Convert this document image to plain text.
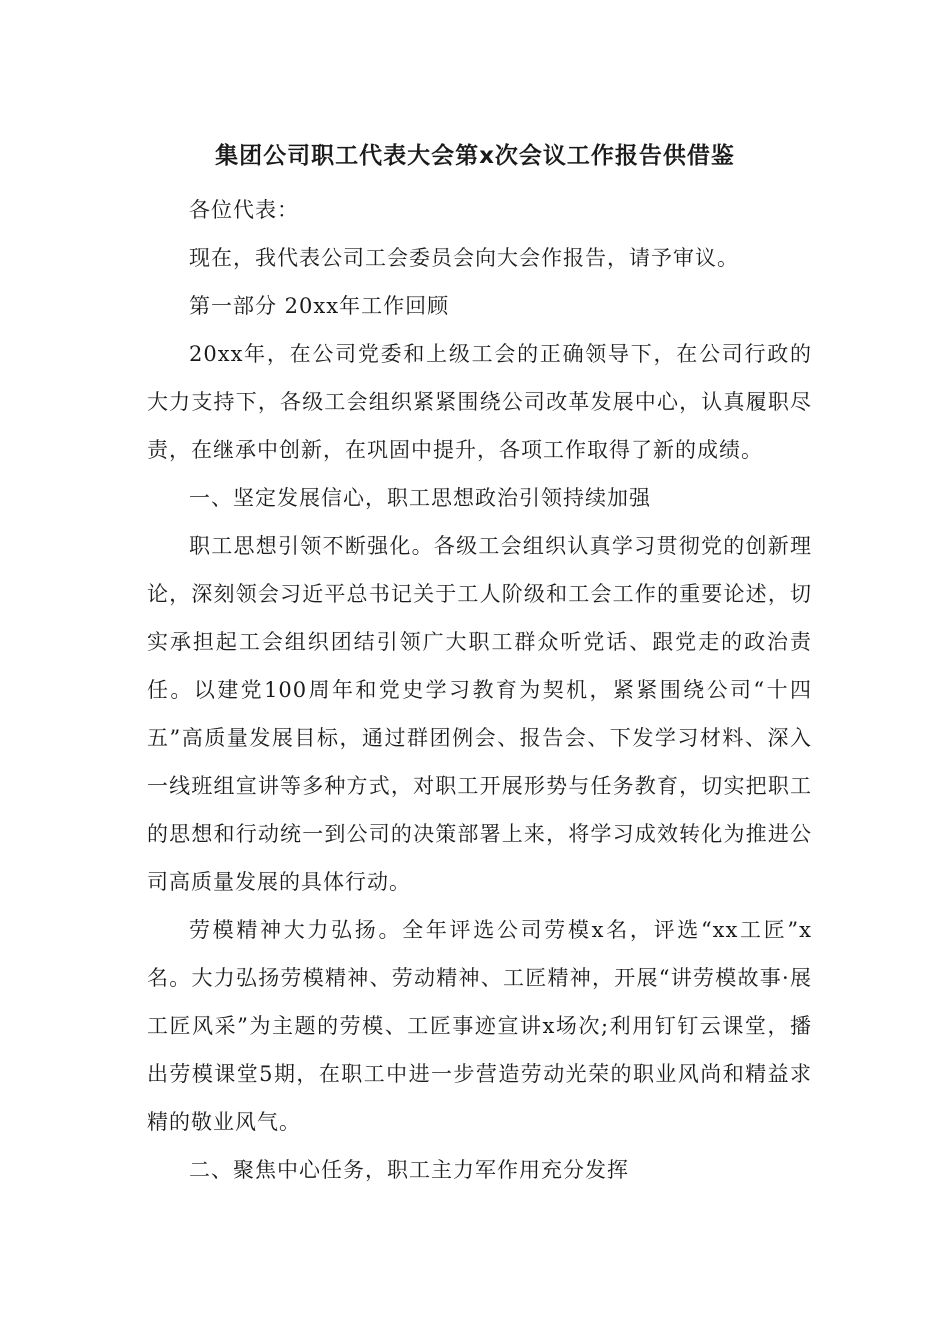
集团公司职工代表大会第x次会议工作报告供借鉴

各位代表：

现在，我代表公司工会委员会向大会作报告，请予审议。

第一部分 20xx年工作回顾

20xx年，在公司党委和上级工会的正确领导下，在公司行政的大力支持下，各级工会组织紧紧围绕公司改革发展中心，认真履职尽责，在继承中创新，在巩固中提升，各项工作取得了新的成绩。

一、坚定发展信心，职工思想政治引领持续加强

职工思想引领不断强化。各级工会组织认真学习贯彻党的创新理论，深刻领会习近平总书记关于工人阶级和工会工作的重要论述，切实承担起工会组织团结引领广大职工群众听党话、跟党走的政治责任。以建党100周年和党史学习教育为契机，紧紧围绕公司“十四五”高质量发展目标，通过群团例会、报告会、下发学习材料、深入一线班组宣讲等多种方式，对职工开展形势与任务教育，切实把职工的思想和行动统一到公司的决策部署上来，将学习成效转化为推进公司高质量发展的具体行动。

劳模精神大力弘扬。全年评选公司劳模x名，评选“xx工匠”x名。大力弘扬劳模精神、劳动精神、工匠精神，开展“讲劳模故事·展工匠风采”为主题的劳模、工匠事迹宣讲x场次;利用钉钉云课堂，播出劳模课堂5期，在职工中进一步营造劳动光荣的职业风尚和精益求精的敬业风气。

二、聚焦中心任务，职工主力军作用充分发挥
